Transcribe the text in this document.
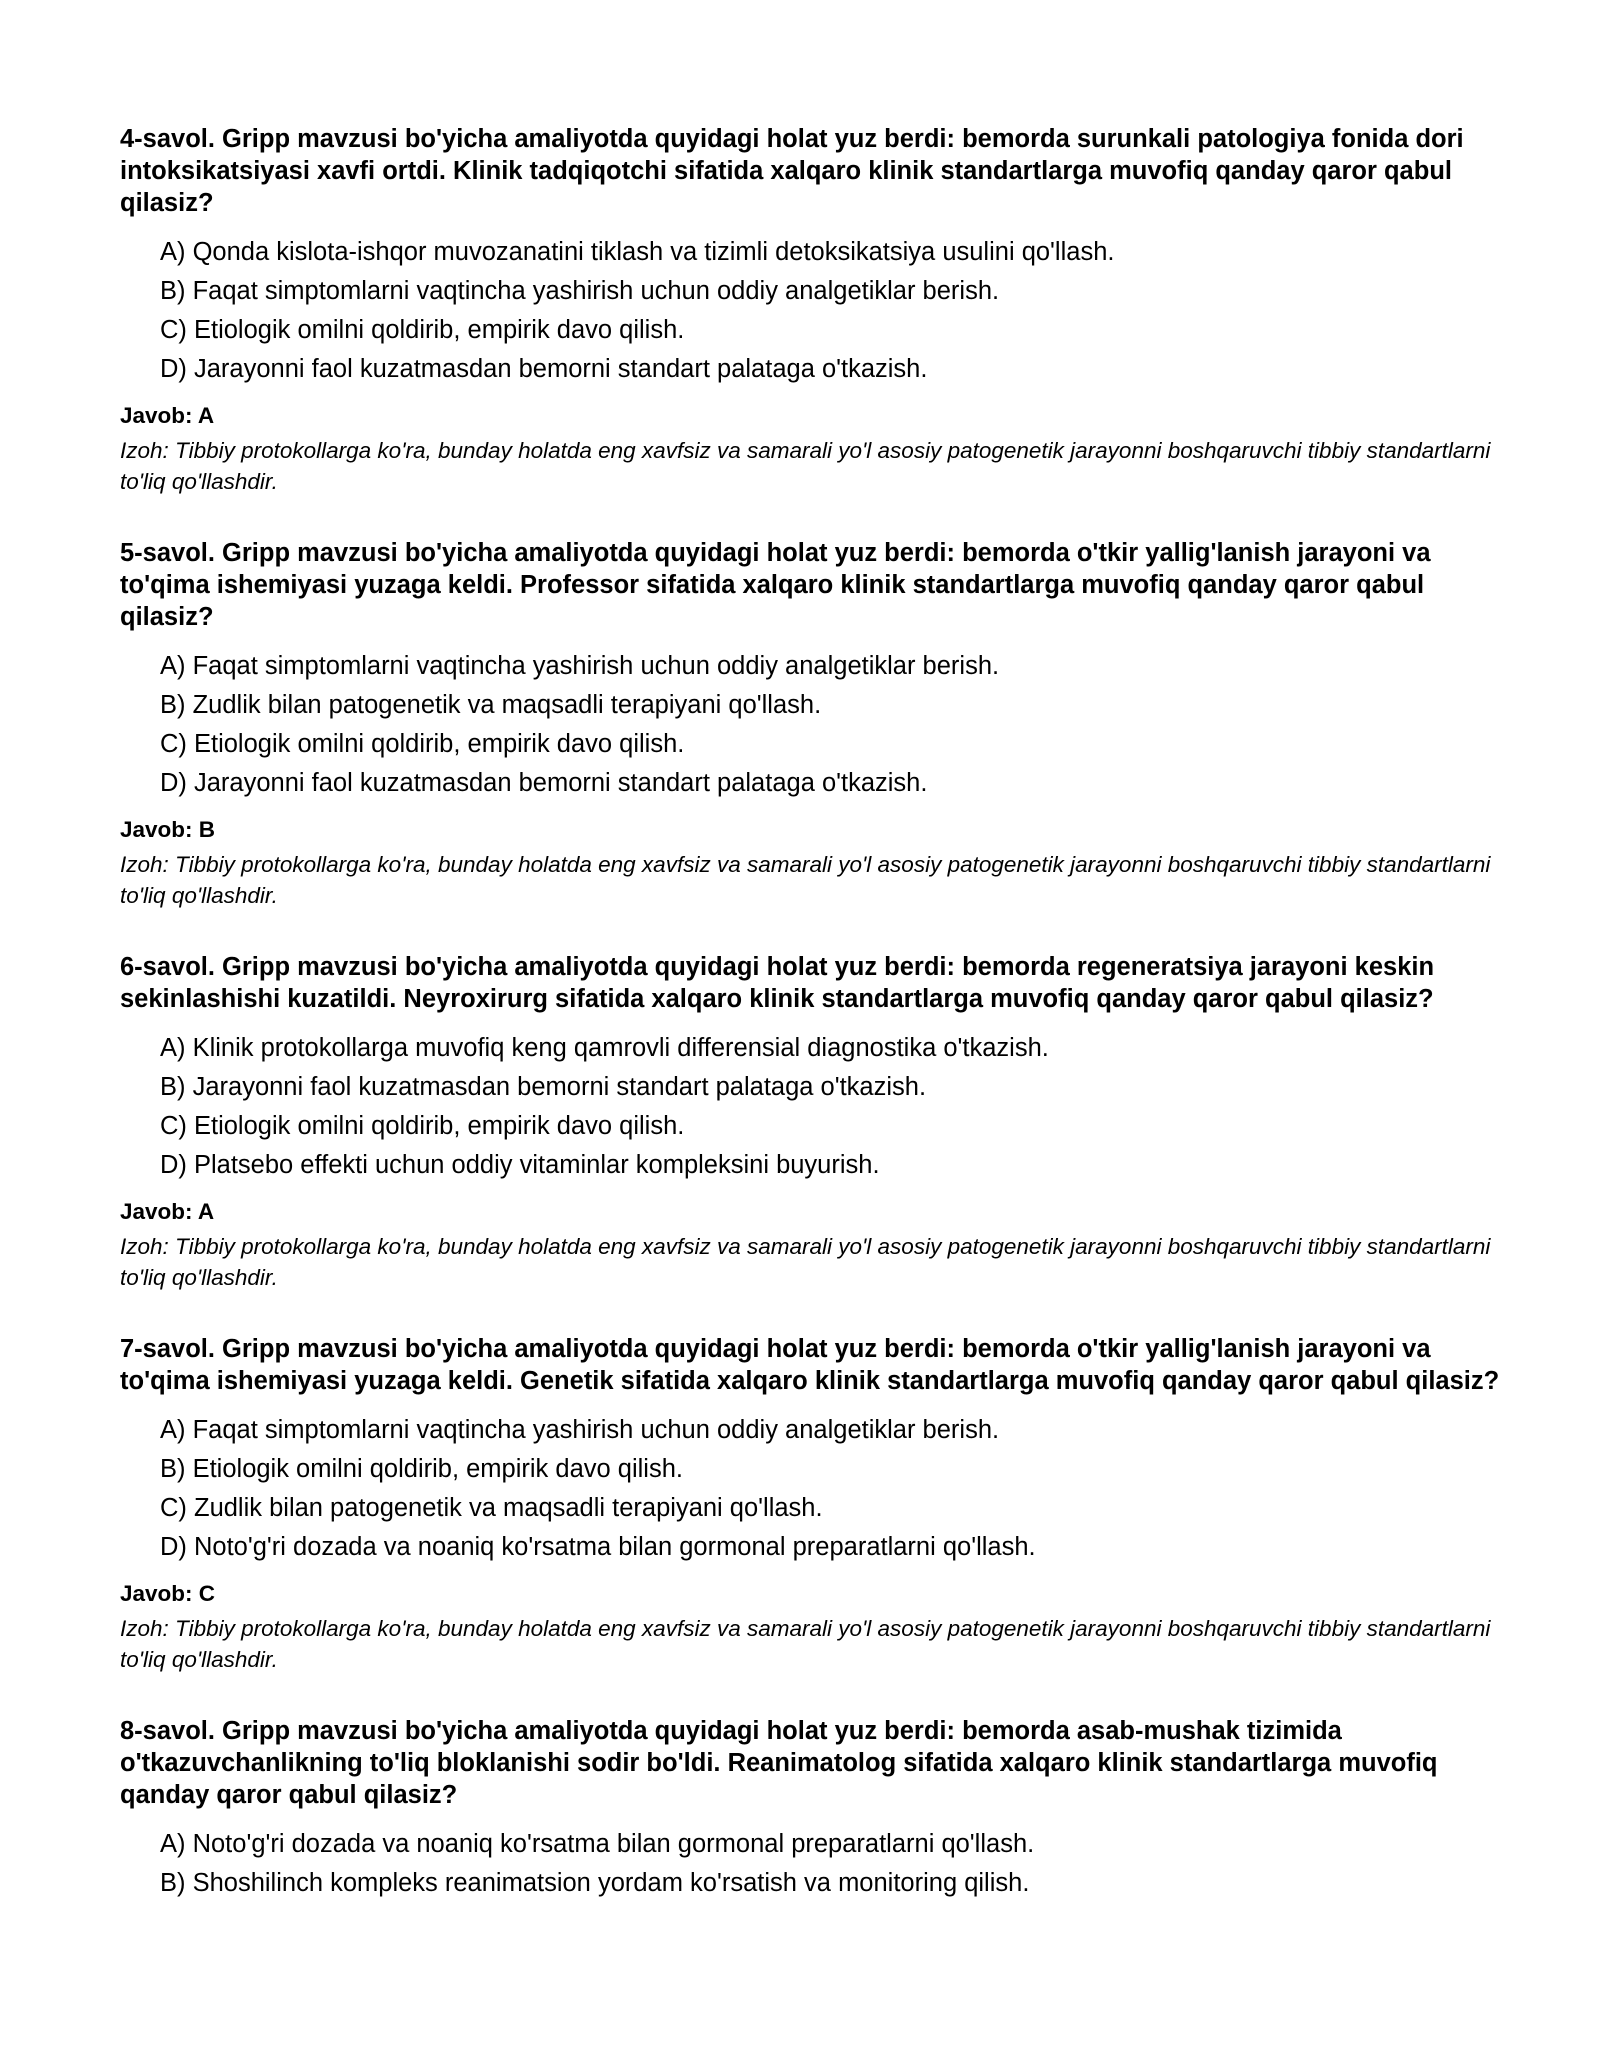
4-savol. Gripp mavzusi bo'yicha amaliyotda quyidagi holat yuz berdi: bemorda surunkali patologiya fonida dori intoksikatsiyasi xavfi ortdi. Klinik tadqiqotchi sifatida xalqaro klinik standartlarga muvofiq qanday qaror qabul qilasiz?
A) Qonda kislota-ishqor muvozanatini tiklash va tizimli detoksikatsiya usulini qo'llash.
B) Faqat simptomlarni vaqtincha yashirish uchun oddiy analgetiklar berish.
C) Etiologik omilni qoldirib, empirik davo qilish.
D) Jarayonni faol kuzatmasdan bemorni standart palataga o'tkazish.
Javob: A
Izoh: Tibbiy protokollarga ko'ra, bunday holatda eng xavfsiz va samarali yo'l asosiy patogenetik jarayonni boshqaruvchi tibbiy standartlarni to'liq qo'llashdir.
5-savol. Gripp mavzusi bo'yicha amaliyotda quyidagi holat yuz berdi: bemorda o'tkir yallig'lanish jarayoni va to'qima ishemiyasi yuzaga keldi. Professor sifatida xalqaro klinik standartlarga muvofiq qanday qaror qabul qilasiz?
A) Faqat simptomlarni vaqtincha yashirish uchun oddiy analgetiklar berish.
B) Zudlik bilan patogenetik va maqsadli terapiyani qo'llash.
C) Etiologik omilni qoldirib, empirik davo qilish.
D) Jarayonni faol kuzatmasdan bemorni standart palataga o'tkazish.
Javob: B
Izoh: Tibbiy protokollarga ko'ra, bunday holatda eng xavfsiz va samarali yo'l asosiy patogenetik jarayonni boshqaruvchi tibbiy standartlarni to'liq qo'llashdir.
6-savol. Gripp mavzusi bo'yicha amaliyotda quyidagi holat yuz berdi: bemorda regeneratsiya jarayoni keskin sekinlashishi kuzatildi. Neyroxirurg sifatida xalqaro klinik standartlarga muvofiq qanday qaror qabul qilasiz?
A) Klinik protokollarga muvofiq keng qamrovli differensial diagnostika o'tkazish.
B) Jarayonni faol kuzatmasdan bemorni standart palataga o'tkazish.
C) Etiologik omilni qoldirib, empirik davo qilish.
D) Platsebo effekti uchun oddiy vitaminlar kompleksini buyurish.
Javob: A
Izoh: Tibbiy protokollarga ko'ra, bunday holatda eng xavfsiz va samarali yo'l asosiy patogenetik jarayonni boshqaruvchi tibbiy standartlarni to'liq qo'llashdir.
7-savol. Gripp mavzusi bo'yicha amaliyotda quyidagi holat yuz berdi: bemorda o'tkir yallig'lanish jarayoni va to'qima ishemiyasi yuzaga keldi. Genetik sifatida xalqaro klinik standartlarga muvofiq qanday qaror qabul qilasiz?
A) Faqat simptomlarni vaqtincha yashirish uchun oddiy analgetiklar berish.
B) Etiologik omilni qoldirib, empirik davo qilish.
C) Zudlik bilan patogenetik va maqsadli terapiyani qo'llash.
D) Noto'g'ri dozada va noaniq ko'rsatma bilan gormonal preparatlarni qo'llash.
Javob: C
Izoh: Tibbiy protokollarga ko'ra, bunday holatda eng xavfsiz va samarali yo'l asosiy patogenetik jarayonni boshqaruvchi tibbiy standartlarni to'liq qo'llashdir.
8-savol. Gripp mavzusi bo'yicha amaliyotda quyidagi holat yuz berdi: bemorda asab-mushak tizimida o'tkazuvchanlikning to'liq bloklanishi sodir bo'ldi. Reanimatolog sifatida xalqaro klinik standartlarga muvofiq qanday qaror qabul qilasiz?
A) Noto'g'ri dozada va noaniq ko'rsatma bilan gormonal preparatlarni qo'llash.
B) Shoshilinch kompleks reanimatsion yordam ko'rsatish va monitoring qilish.
